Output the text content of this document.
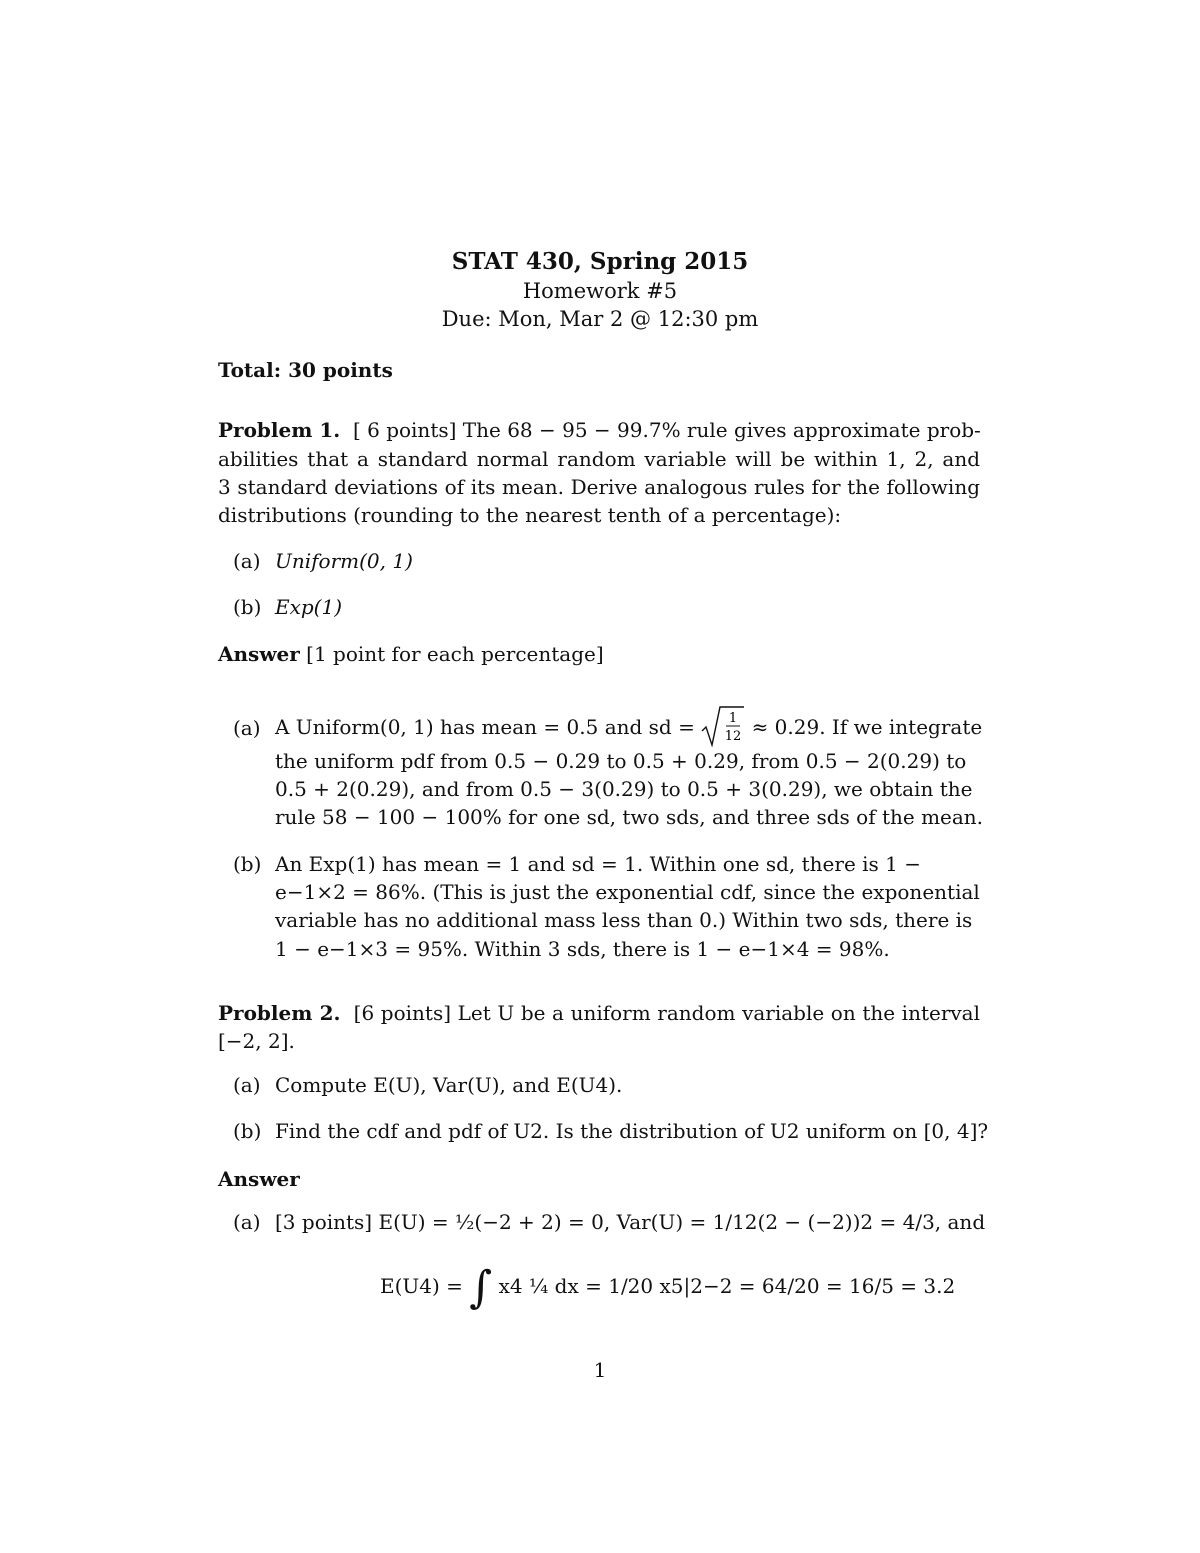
STAT 430, Spring 2015
Homework #5
Due: Mon, Mar 2 @ 12:30 pm
Total: 30 points
Problem 1. [ 6 points] The 68 − 95 − 99.7% rule gives approximate prob-
abilities that a standard normal random variable will be within 1, 2, and
3 standard deviations of its mean. Derive analogous rules for the following
distributions (rounding to the nearest tenth of a percentage):
(a) Uniform(0, 1)
(b) Exp(1)
Answer [1 point for each percentage]
(a) A Uniform(0, 1) has mean = 0.5 and sd =	1
12 ≈ 0.29. If we integrate
the uniform pdf from 0.5 − 0.29 to 0.5 + 0.29, from 0.5 − 2(0.29) to
0.5 + 2(0.29), and from 0.5 − 3(0.29) to 0.5 + 3(0.29), we obtain the
rule 58 − 100 − 100% for one sd, two sds, and three sds of the mean.
(b) An Exp(1) has mean = 1 and sd = 1. Within one sd, there is 1 −
e−1×2 = 86%. (This is just the exponential cdf, since the exponential
variable has no additional mass less than 0.) Within two sds, there is
1 − e−1×3 = 95%. Within 3 sds, there is 1 − e−1×4 = 98%.
Problem 2. [6 points] Let U be a uniform random variable on the interval
[−2, 2].
(a) Compute E(U), Var(U), and E(U4).
(b) Find the cdf and pdf of U2. Is the distribution of U2 uniform on [0, 4]?
Answer
(a) [3 points] E(U) = ½(−2 + 2) = 0, Var(U) = 1/12(2 − (−2))2 = 4/3, and
E(U4) = ∫ x4 ¼ dx = 1/20 x5|2−2 = 64/20 = 16/5 = 3.2
1
